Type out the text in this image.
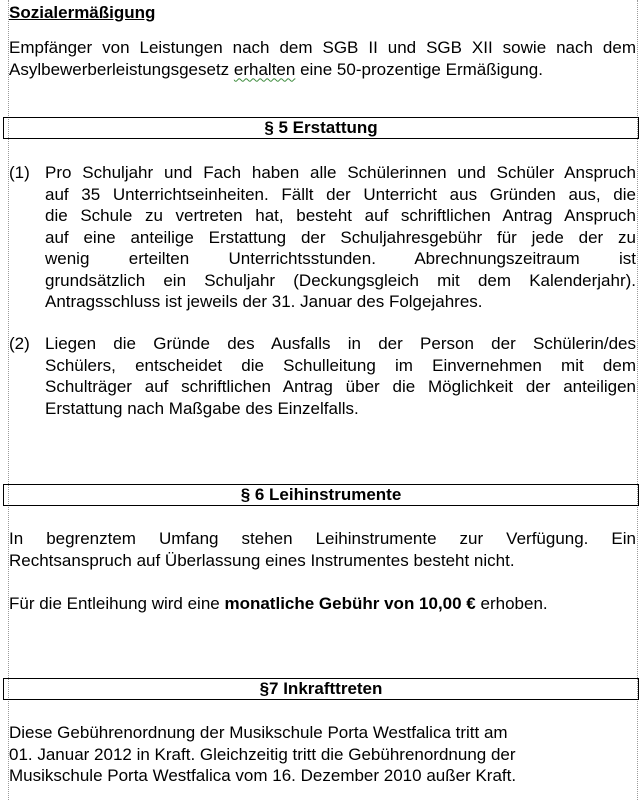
Sozialermäßigung
Empfänger von Leistungen nach dem SGB II und SGB XII sowie nach dem
Asylbewerberleistungsgesetz erhalten eine 50-prozentige Ermäßigung.
§ 5 Erstattung
(1) Pro Schuljahr und Fach haben alle Schülerinnen und Schüler Anspruch
auf 35 Unterrichtseinheiten. Fällt der Unterricht aus Gründen aus, die
die Schule zu vertreten hat, besteht auf schriftlichen Antrag Anspruch
auf eine anteilige Erstattung der Schuljahresgebühr für jede der zu
wenig erteilten Unterrichtsstunden. Abrechnungszeitraum ist
grundsätzlich ein Schuljahr (Deckungsgleich mit dem Kalenderjahr).
Antragsschluss ist jeweils der 31. Januar des Folgejahres.
(2) Liegen die Gründe des Ausfalls in der Person der Schülerin/des
Schülers, entscheidet die Schulleitung im Einvernehmen mit dem
Schulträger auf schriftlichen Antrag über die Möglichkeit der anteiligen
Erstattung nach Maßgabe des Einzelfalls.
§ 6 Leihinstrumente
In begrenztem Umfang stehen Leihinstrumente zur Verfügung. Ein
Rechtsanspruch auf Überlassung eines Instrumentes besteht nicht.
Für die Entleihung wird eine monatliche Gebühr von 10,00 € erhoben.
§7 Inkrafttreten
Diese Gebührenordnung der Musikschule Porta Westfalica tritt am
01. Januar 2012 in Kraft. Gleichzeitig tritt die Gebührenordnung der
Musikschule Porta Westfalica vom 16. Dezember 2010 außer Kraft.
